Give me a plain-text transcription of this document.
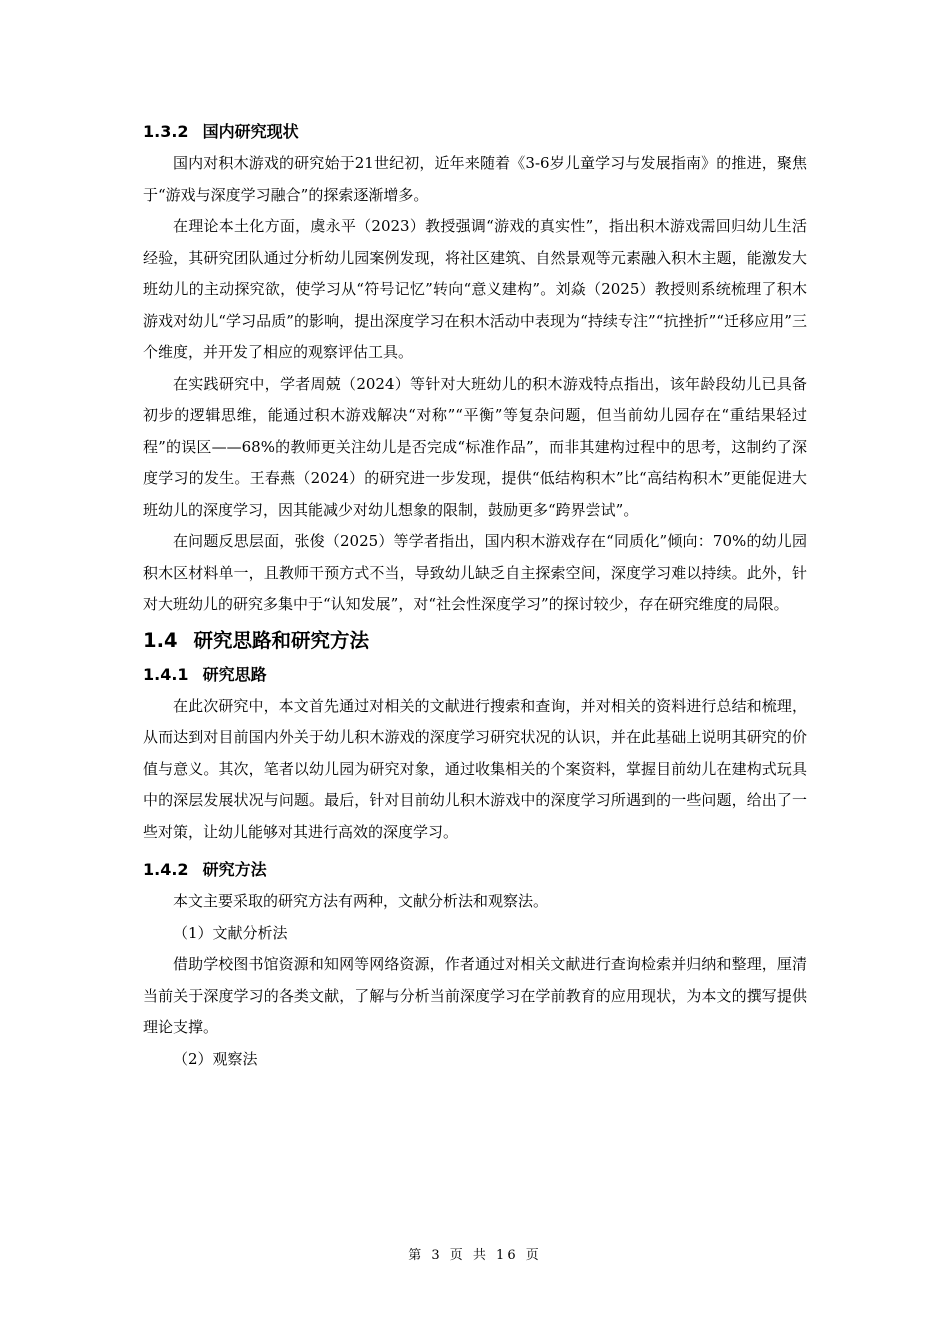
1.3.2 国内研究现状

国内对积木游戏的研究始于21世纪初，近年来随着《3-6岁儿童学习与发展指南》的推进，聚焦于“游戏与深度学习融合”的探索逐渐增多。

在理论本土化方面，虞永平（2023）教授强调“游戏的真实性”，指出积木游戏需回归幼儿生活经验，其研究团队通过分析幼儿园案例发现，将社区建筑、自然景观等元素融入积木主题，能激发大班幼儿的主动探究欲，使学习从“符号记忆”转向“意义建构”。刘焱（2025）教授则系统梳理了积木游戏对幼儿“学习品质”的影响，提出深度学习在积木活动中表现为“持续专注”“抗挫折”“迁移应用”三个维度，并开发了相应的观察评估工具。

在实践研究中，学者周兢（2024）等针对大班幼儿的积木游戏特点指出，该年龄段幼儿已具备初步的逻辑思维，能通过积木游戏解决“对称”“平衡”等复杂问题，但当前幼儿园存在“重结果轻过程”的误区——68%的教师更关注幼儿是否完成“标准作品”，而非其建构过程中的思考，这制约了深度学习的发生。王春燕（2024）的研究进一步发现，提供“低结构积木”比“高结构积木”更能促进大班幼儿的深度学习，因其能减少对幼儿想象的限制，鼓励更多“跨界尝试”。

在问题反思层面，张俊（2025）等学者指出，国内积木游戏存在“同质化”倾向：70%的幼儿园积木区材料单一，且教师干预方式不当，导致幼儿缺乏自主探索空间，深度学习难以持续。此外，针对大班幼儿的研究多集中于“认知发展”，对“社会性深度学习”的探讨较少，存在研究维度的局限。

1.4 研究思路和研究方法
1.4.1 研究思路

在此次研究中，本文首先通过对相关的文献进行搜索和查询，并对相关的资料进行总结和梳理，从而达到对目前国内外关于幼儿积木游戏的深度学习研究状况的认识，并在此基础上说明其研究的价值与意义。其次，笔者以幼儿园为研究对象，通过收集相关的个案资料，掌握目前幼儿在建构式玩具中的深层发展状况与问题。最后，针对目前幼儿积木游戏中的深度学习所遇到的一些问题，给出了一些对策，让幼儿能够对其进行高效的深度学习。

1.4.2 研究方法

本文主要采取的研究方法有两种，文献分析法和观察法。

（1）文献分析法

借助学校图书馆资源和知网等网络资源，作者通过对相关文献进行查询检索并归纳和整理，厘清当前关于深度学习的各类文献，了解与分析当前深度学习在学前教育的应用现状，为本文的撰写提供理论支撑。

（2）观察法

第 3 页 共 16 页
